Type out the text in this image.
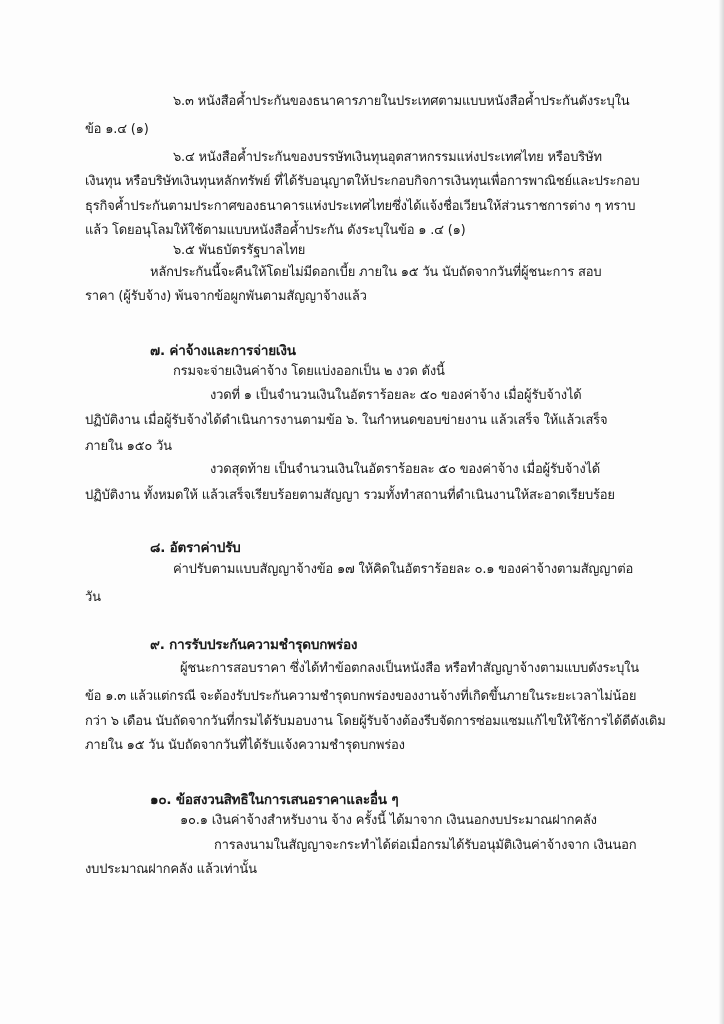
๖.๓ หนังสือค้ำประกันของธนาคารภายในประเทศตามแบบหนังสือค้ำประกันดังระบุใน
ข้อ ๑.๔ (๑)
๖.๔ หนังสือค้ำประกันของบรรษัทเงินทุนอุตสาหกรรมแห่งประเทศไทย หรือบริษัท
เงินทุน หรือบริษัทเงินทุนหลักทรัพย์ ที่ได้รับอนุญาตให้ประกอบกิจการเงินทุนเพื่อการพาณิชย์และประกอบ
ธุรกิจค้ำประกันตามประกาศของธนาคารแห่งประเทศไทยซึ่งได้แจ้งชื่อเวียนให้ส่วนราชการต่าง ๆ ทราบ
แล้ว โดยอนุโลมให้ใช้ตามแบบหนังสือค้ำประกัน ดังระบุในข้อ ๑ .๔ (๑)
๖.๕ พันธบัตรรัฐบาลไทย
หลักประกันนี้จะคืนให้โดยไม่มีดอกเบี้ย ภายใน ๑๕ วัน นับถัดจากวันที่ผู้ชนะการ สอบ
ราคา (ผู้รับจ้าง) พ้นจากข้อผูกพันตามสัญญาจ้างแล้ว
๗. ค่าจ้างและการจ่ายเงิน
กรมจะจ่ายเงินค่าจ้าง โดยแบ่งออกเป็น ๒ งวด ดังนี้
งวดที่ ๑ เป็นจำนวนเงินในอัตราร้อยละ ๕๐ ของค่าจ้าง เมื่อผู้รับจ้างได้
ปฏิบัติงาน เมื่อผู้รับจ้างได้ดำเนินการงานตามข้อ ๖. ในกำหนดขอบข่ายงาน แล้วเสร็จ ให้แล้วเสร็จ
ภายใน ๑๕๐ วัน
งวดสุดท้าย เป็นจำนวนเงินในอัตราร้อยละ ๕๐ ของค่าจ้าง เมื่อผู้รับจ้างได้
ปฏิบัติงาน ทั้งหมดให้ แล้วเสร็จเรียบร้อยตามสัญญา รวมทั้งทำสถานที่ดำเนินงานให้สะอาดเรียบร้อย
๘. อัตราค่าปรับ
ค่าปรับตามแบบสัญญาจ้างข้อ ๑๗ ให้คิดในอัตราร้อยละ ๐.๑ ของค่าจ้างตามสัญญาต่อ
วัน
๙. การรับประกันความชำรุดบกพร่อง
ผู้ชนะการสอบราคา ซึ่งได้ทำข้อตกลงเป็นหนังสือ หรือทำสัญญาจ้างตามแบบดังระบุใน
ข้อ ๑.๓ แล้วแต่กรณี จะต้องรับประกันความชำรุดบกพร่องของงานจ้างที่เกิดขึ้นภายในระยะเวลาไม่น้อย
กว่า ๖ เดือน นับถัดจากวันที่กรมได้รับมอบงาน โดยผู้รับจ้างต้องรีบจัดการซ่อมแซมแก้ไขให้ใช้การได้ดีดังเดิม
ภายใน ๑๕ วัน นับถัดจากวันที่ได้รับแจ้งความชำรุดบกพร่อง
๑๐. ข้อสงวนสิทธิในการเสนอราคาและอื่น ๆ
๑๐.๑ เงินค่าจ้างสำหรับงาน จ้าง ครั้งนี้ ได้มาจาก เงินนอกงบประมาณฝากคลัง
การลงนามในสัญญาจะกระทำได้ต่อเมื่อกรมได้รับอนุมัติเงินค่าจ้างจาก เงินนอก
งบประมาณฝากคลัง แล้วเท่านั้น
